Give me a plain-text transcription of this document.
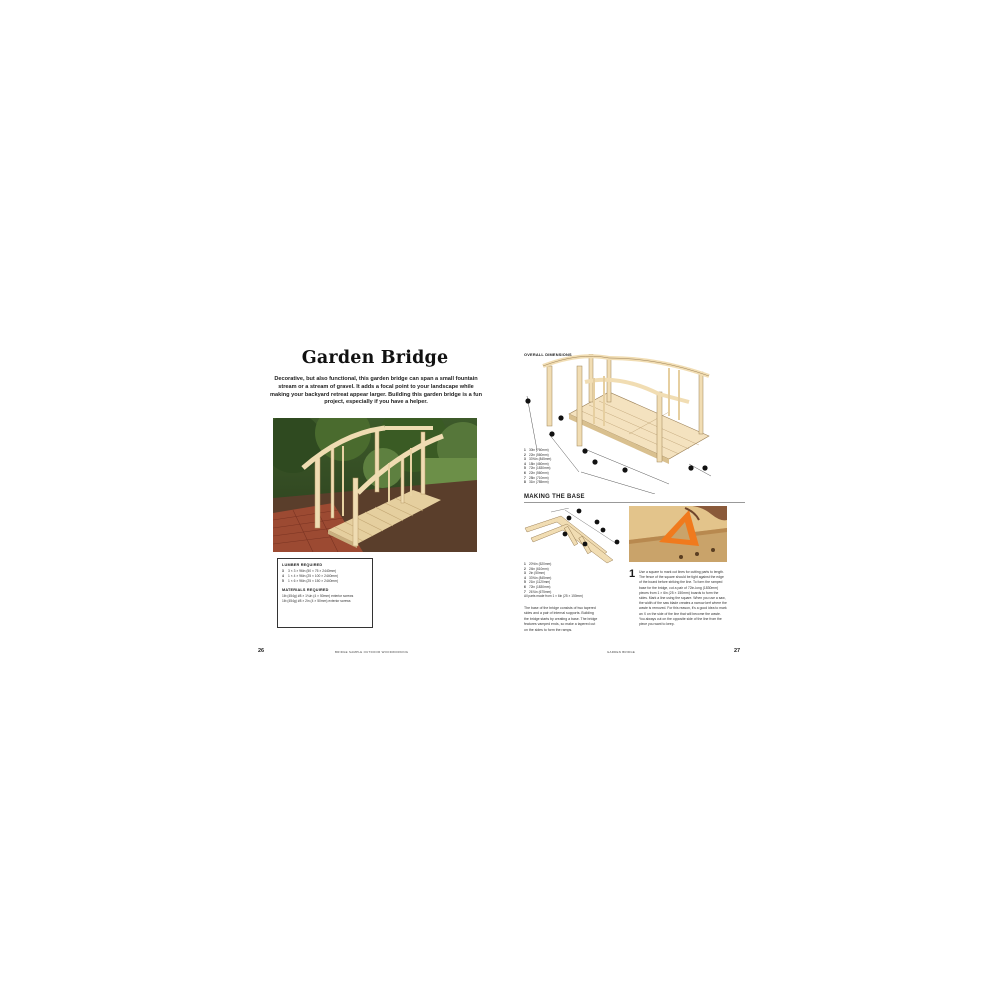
Garden Bridge
Decorative, but also functional, this garden bridge can span a small fountain stream or a stream of gravel. It adds a focal point to your landscape while making your backyard retreat appear larger. Building this garden bridge is a fun project, especially if you have a helper.
LUMBER REQUIRED
3 3 × 3 × 96in (50 × 75 × 2440mm)
4 1 × 4 × 96in (25 × 100 × 2440mm)
5 1 × 6 × 96in (25 × 150 × 2440mm)
MATERIALS REQUIRED
1lb (454g) #8 × 1¾in (4 × 50mm) exterior screws
1lb (454g) #8 × 2in (4 × 50mm) exterior screws
26	BRIDGE SAMPLE OUTDOOR WOODWORKING
OVERALL DIMENSIONS
1 30in (760mm)
2 22in (560mm)
3 33⅝in (845mm)
4 18in (460mm)
5 72in (1830mm)
6 22in (560mm)
7 28in (710mm)
8 31in (785mm)
MAKING THE BASE
1 20½in (520mm)
2 24in (610mm)
3 2in (50mm)
4 33⅝in (845mm)
5 21in (1120mm)
6 72in (1830mm)
7 26⅞in (675mm)
All parts made from 1 × 6in (25 × 150mm)
The base of the bridge consists of two tapered sides and a pair of internal supports. Building the bridge starts by creating a base. The bridge features vamped ends, so make a tapered cut on the sides to form the ramps.
1 Use a square to mark cut lines for cutting parts to length. The fence of the square should be tight against the edge of the board before striking the line. To form the ramped base for the bridge, cut a pair of 72in-long (1830mm) pieces from 1 × 6in (25 × 150mm) boards to form the sides. Mark a line using the square. When you use a saw, the width of the saw blade creates a narrow kerf where the waste is removed. For this reason, it's a good idea to mark an X on the side of the line that will become the waste. You always cut on the opposite side of the line from the piece you want to keep.
GARDEN BRIDGE	27
